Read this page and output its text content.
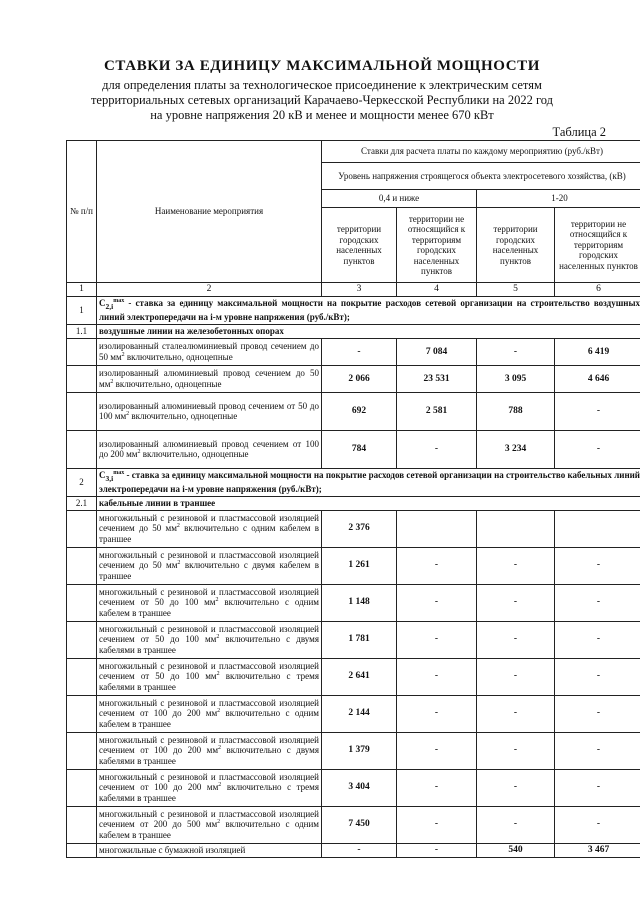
СТАВКИ ЗА ЕДИНИЦУ МАКСИМАЛЬНОЙ МОЩНОСТИ

для определения платы за технологическое присоединение к электрическим сетям

территориальных сетевых организаций Карачаево-Черкесской Республики на 2022 год

на уровне напряжения 20 кВ и менее и мощности менее 670 кВт

Таблица 2

№ п/п	Наименование мероприятия	Ставки для расчета платы по каждому мероприятию (руб./кВт)			
		Уровень напряжения строящегося объекта электросетевого хозяйства, (кВ)			
		0,4 и ниже		1-20	
		территории городских населенных пунктов	территории не относящийся к территориям городских населенных пунктов	территории городских населенных пунктов	территории не относящийся к территориям городских населенных пунктов
1	2	3	4	5	6
1	$C_{2,i}^{max}$ - ставка за единицу максимальной мощности на покрытие расходов сетевой организации на строительство воздушных линий электропередачи на i-м уровне напряжения (руб./кВт);				
1.1	воздушные линии на железобетонных опорах				
	изолированный сталеалюминиевый провод сечением до 50 $мм^2$ включительно, одноцепные	-	7 084	-	6 419
	изолированный алюминиевый провод сечением до 50 $мм^2$ включительно, одноцепные	2 066	23 531	3 095	4 646
	изолированный алюминиевый провод сечением от 50 до 100 $мм^2$ включительно, одноцепные	692	2 581	788	-
	изолированный алюминиевый провод сечением от 100 до 200 $мм^2$ включительно, одноцепные	784	-	3 234	-
2	$C_{3,i}^{max}$ - ставка за единицу максимальной мощности на покрытие расходов сетевой организации на строительство кабельных линий электропередачи на i-м уровне напряжения (руб./кВт);				
2.1	кабельные линии в траншее				
	многожильный с резиновой и пластмассовой изоляцией сечением до 50 $мм^2$ включительно с одним кабелем в траншее	2 376			
	многожильный с резиновой и пластмассовой изоляцией сечением до 50 $мм^2$ включительно с двумя кабелем в траншее	1 261	-	-	-
	многожильный с резиновой и пластмассовой изоляцией сечением от 50 до 100 $мм^2$ включительно с одним кабелем в траншее	1 148	-	-	-
	многожильный с резиновой и пластмассовой изоляцией сечением от 50 до 100 $мм^2$ включительно с двумя кабелями в траншее	1 781	-	-	-
	многожильный с резиновой и пластмассовой изоляцией сечением от 50 до 100 $мм^2$ включительно с тремя кабелями в траншее	2 641	-	-	-
	многожильный с резиновой и пластмассовой изоляцией сечением от 100 до 200 $мм^2$ включительно с одним кабелем в траншее	2 144	-	-	-
	многожильный с резиновой и пластмассовой изоляцией сечением от 100 до 200 $мм^2$ включительно с двумя кабелями в траншее	1 379	-	-	-
	многожильный с резиновой и пластмассовой изоляцией сечением от 100 до 200 $мм^2$ включительно с тремя кабелями в траншее	3 404	-	-	-
	многожильный с резиновой и пластмассовой изоляцией сечением от 200 до 500 $мм^2$ включительно с одним кабелем в траншее	7 450	-	-	-
	многожильные с бумажной изоляцией	-	-	540	3 467
